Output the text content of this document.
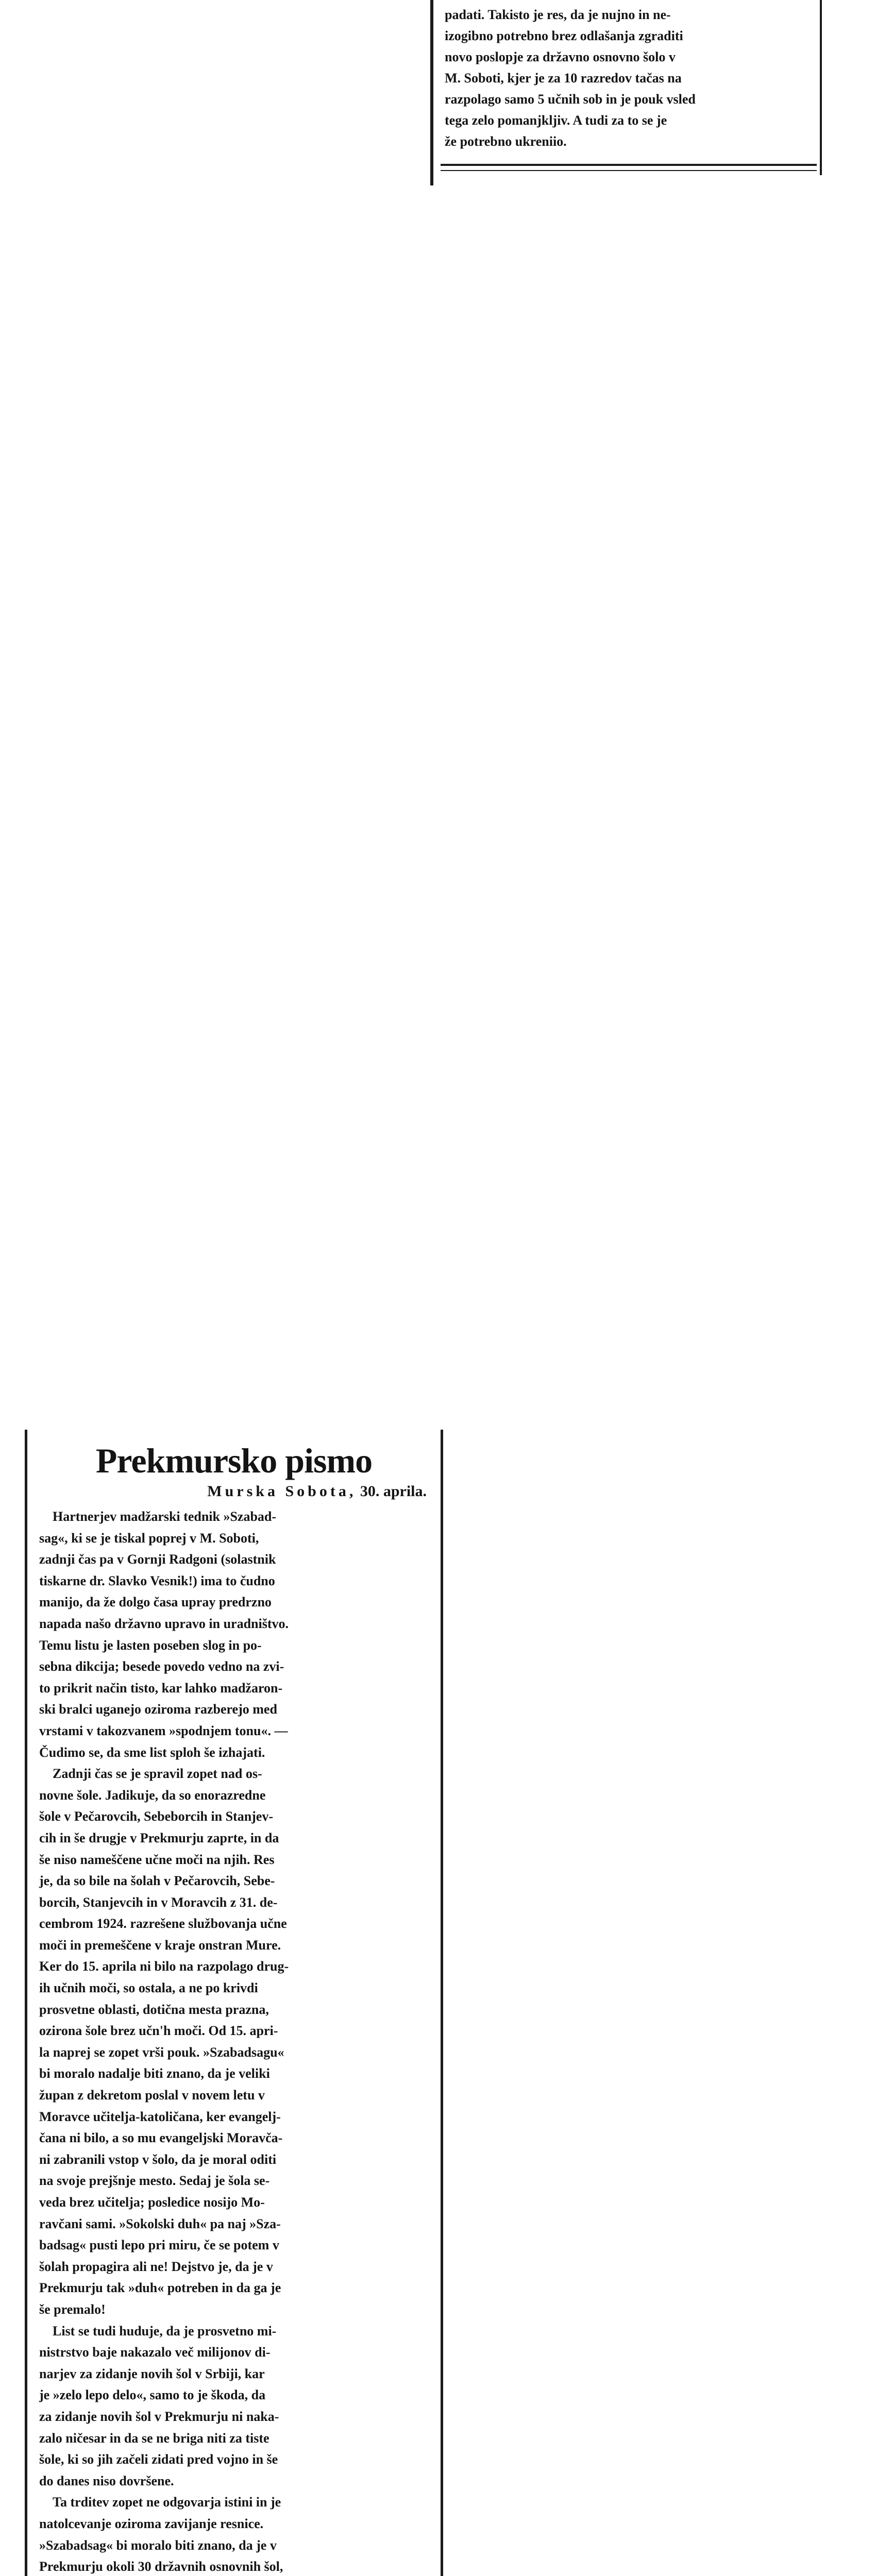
padati. Takisto je res, da je nujno in ne-
izogibno potrebno brez odlašanja zgraditi
novo poslopje za državno osnovno šolo v
M. Soboti, kjer je za 10 razredov tačas na
razpolago samo 5 učnih sob in je pouk vsled
tega zelo pomanjkljiv. A tudi za to se je
že potrebno ukreniio.
Prekmursko pismo
Murska Sobota, 30. aprila.
Hartnerjev madžarski tednik »Szabad-
sag«, ki se je tiskal poprej v M. Soboti,
zadnji čas pa v Gornji Radgoni (solastnik
tiskarne dr. Slavko Vesnik!) ima to čudno
manijo, da že dolgo časa upray predrzno
napada našo državno upravo in uradništvo.
Temu listu je lasten poseben slog in po-
sebna dikcija; besede povedo vedno na zvi-
to prikrit način tisto, kar lahko madžaron-
ski bralci uganejo oziroma razberejo med
vrstami v takozvanem »spodnjem tonu«. —
Čudimo se, da sme list sploh še izhajati.
Zadnji čas se je spravil zopet nad os-
novne šole. Jadikuje, da so enorazredne
šole v Pečarovcih, Sebeborcih in Stanjev-
cih in še drugje v Prekmurju zaprte, in da
še niso nameščene učne moči na njih. Res
je, da so bile na šolah v Pečarovcih, Sebe-
borcih, Stanjevcih in v Moravcih z 31. de-
cembrom 1924. razrešene službovanja učne
moči in premeščene v kraje onstran Mure.
Ker do 15. aprila ni bilo na razpolago drug-
ih učnih moči, so ostala, a ne po krivdi
prosvetne oblasti, dotična mesta prazna,
ozirona šole brez učn'h moči. Od 15. apri-
la naprej se zopet vrši pouk. »Szabadsagu«
bi moralo nadalje biti znano, da je veliki
župan z dekretom poslal v novem letu v
Moravce učitelja-katoličana, ker evangelj-
čana ni bilo, a so mu evangeljski Moravča-
ni zabranili vstop v šolo, da je moral oditi
na svoje prejšnje mesto. Sedaj je šola se-
veda brez učitelja; posledice nosijo Mo-
ravčani sami. »Sokolski duh« pa naj »Sza-
badsag« pusti lepo pri miru, če se potem v
šolah propagira ali ne! Dejstvo je, da je v
Prekmurju tak »duh« potreben in da ga je
še premalo!
List se tudi huduje, da je prosvetno mi-
nistrstvo baje nakazalo več milijonov di-
narjev za zidanje novih šol v Srbiji, kar
je »zelo lepo delo«, samo to je škoda, da
za zidanje novih šol v Prekmurju ni naka-
zalo ničesar in da se ne briga niti za tiste
šole, ki so jih začeli zidati pred vojno in še
do danes niso dovršene.
Ta trditev zopet ne odgovarja istini in je
natolcevanje oziroma zavijanje resnice.
»Szabadsag« bi moralo biti znano, da je v
Prekmurju okoli 30 državnih osnovnih šol,
